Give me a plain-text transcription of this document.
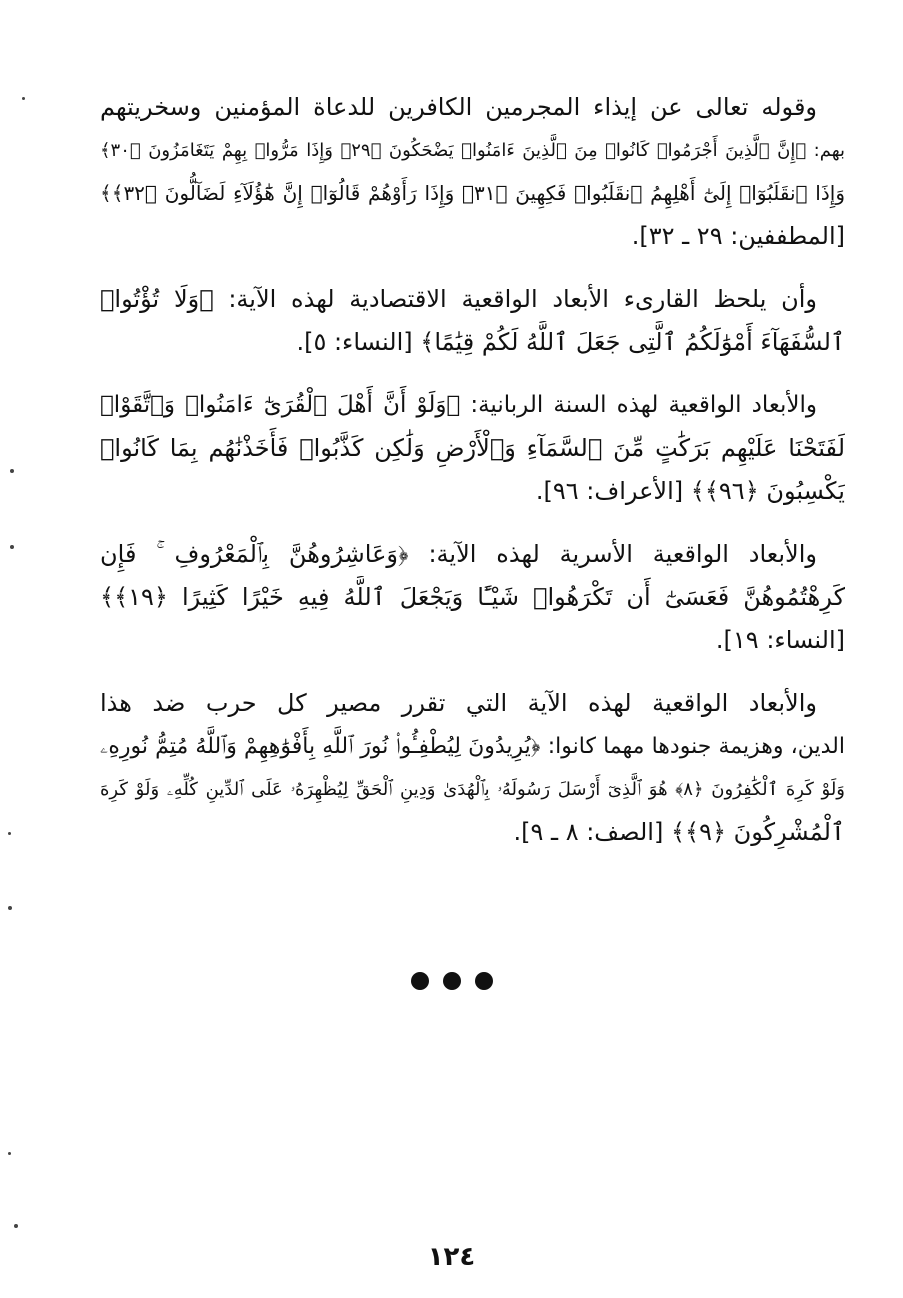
وقوله تعالى عن إيذاء المجرمين الكافرين للدعاة المؤمنين وسخريتهم
بهم: ﴿إِنَّ ٱلَّذِينَ أَجْرَمُوا۟ كَانُوا۟ مِنَ ٱلَّذِينَ ءَامَنُوا۟ يَضْحَكُونَ ﴿٢٩﴾ وَإِذَا مَرُّوا۟ بِهِمْ يَتَغَامَزُونَ ﴿٣٠﴾
وَإِذَا ٱنقَلَبُوٓا۟ إِلَىٰٓ أَهْلِهِمُ ٱنقَلَبُوا۟ فَكِهِينَ ﴿٣١﴾ وَإِذَا رَأَوْهُمْ قَالُوٓا۟ إِنَّ هَٰٓؤُلَآءِ لَضَآلُّونَ ﴿٣٢﴾﴾
[المطففين: ٢٩ ـ ٣٢].
وأن يلحظ القارىء الأبعاد الواقعية الاقتصادية لهذه الآية: ﴿وَلَا تُؤْتُوا۟
ٱلسُّفَهَآءَ أَمْوَٰلَكُمُ ٱلَّتِى جَعَلَ ٱللَّهُ لَكُمْ قِيَٰمًا﴾ [النساء: ٥].
والأبعاد الواقعية لهذه السنة الربانية: ﴿وَلَوْ أَنَّ أَهْلَ ٱلْقُرَىٰٓ ءَامَنُوا۟ وَٱتَّقَوْا۟
لَفَتَحْنَا عَلَيْهِم بَرَكَٰتٍ مِّنَ ٱلسَّمَآءِ وَٱلْأَرْضِ وَلَٰكِن كَذَّبُوا۟ فَأَخَذْنَٰهُم بِمَا كَانُوا۟
يَكْسِبُونَ ﴿٩٦﴾﴾ [الأعراف: ٩٦].
والأبعاد الواقعية الأسرية لهذه الآية: ﴿وَعَاشِرُوهُنَّ بِٱلْمَعْرُوفِ ۚ فَإِن
كَرِهْتُمُوهُنَّ فَعَسَىٰٓ أَن تَكْرَهُوا۟ شَيْـًٔا وَيَجْعَلَ ٱللَّهُ فِيهِ خَيْرًا كَثِيرًا ﴿١٩﴾﴾
[النساء: ١٩].
والأبعاد الواقعية لهذه الآية التي تقرر مصير كل حرب ضد هذا
الدين، وهزيمة جنودها مهما كانوا: ﴿يُرِيدُونَ لِيُطْفِـُٔوا۟ نُورَ ٱللَّهِ بِأَفْوَٰهِهِمْ وَٱللَّهُ مُتِمُّ نُورِهِۦ
وَلَوْ كَرِهَ ٱلْكَٰفِرُونَ ﴿٨﴾ هُوَ ٱلَّذِىٓ أَرْسَلَ رَسُولَهُۥ بِٱلْهُدَىٰ وَدِينِ ٱلْحَقِّ لِيُظْهِرَهُۥ عَلَى ٱلدِّينِ كُلِّهِۦ وَلَوْ كَرِهَ
ٱلْمُشْرِكُونَ ﴿٩﴾﴾ [الصف: ٨ ـ ٩].
١٢٤
